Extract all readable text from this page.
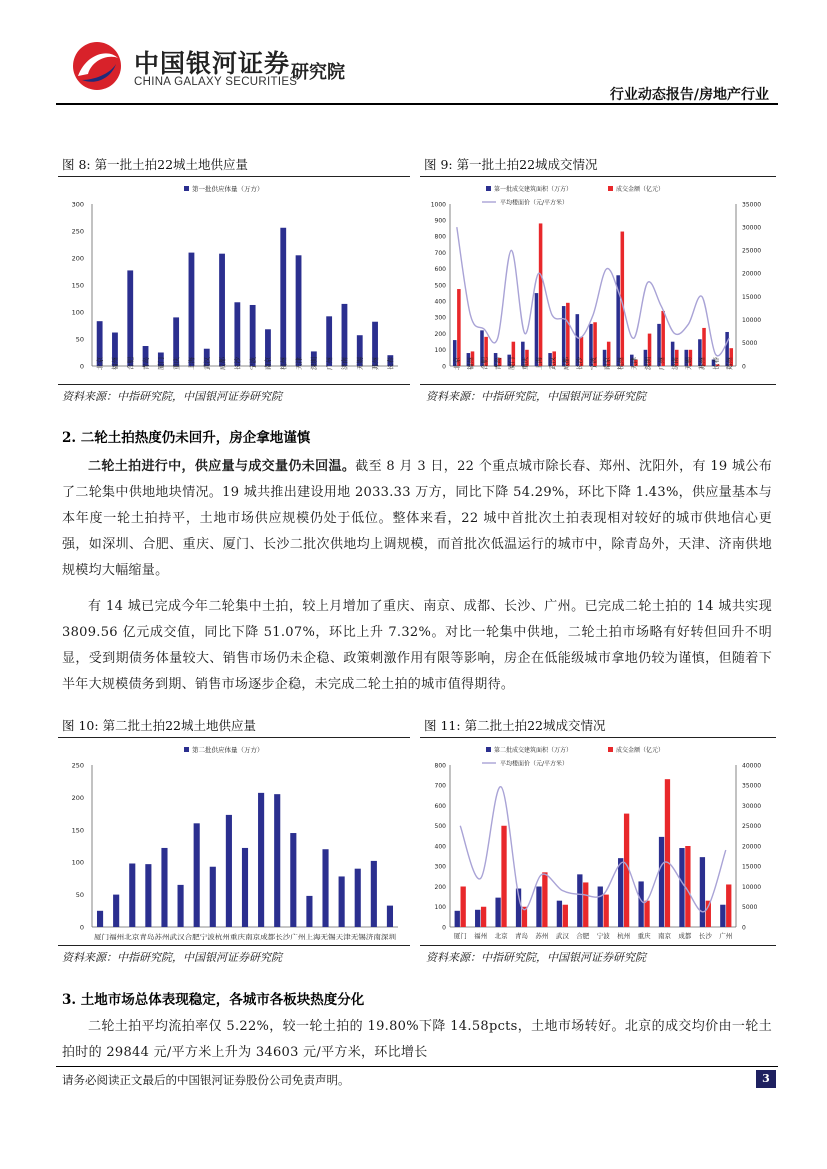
中国银河证券
CHINA GALAXY SECURITIES
研究院
行业动态报告/房地产行业
图 8: 第一批土拍22城土地供应量
第一批供应体量（万方）
0
50
100
150
200
250
300
北京 福州 合肥 青岛 厦门 重庆 上海 武汉 成都 长沙 宁波 南京 杭州 天津 深圳 广州 济南 无锡 苏州 长春
资料来源：中指研究院，中国银河证券研究院
图 9: 第一批土拍22城成交情况
第一批成交建筑面积（万方）	成交金额（亿元）
平均楼面价（元/平方米）
0
100
200
300
400
500
600
700
800
900
1000
0
5000
10000
15000
20000
25000
30000
35000
北京 福州 合肥 青岛 厦门 重庆 上海 武汉 成都 长沙 宁波 南京 杭州 天津 深圳 广州 济南 无锡 苏州 长春 郑州
资料来源：中指研究院，中国银河证券研究院
2. 二轮土拍热度仍未回升，房企拿地谨慎
二轮土拍进行中，供应量与成交量仍未回温。截至 8 月 3 日，22 个重点城市除长春、郑州、沈阳外，有 19 城公布了二轮集中供地地块情况。19 城共推出建设用地 2033.33 万方，同比下降 54.29%，环比下降 1.43%，供应量基本与本年度一轮土拍持平，土地市场供应规模仍处于低位。整体来看，22 城中首批次土拍表现相对较好的城市供地信心更强，如深圳、合肥、重庆、厦门、长沙二批次供地均上调规模，而首批次低温运行的城市中，除青岛外，天津、济南供地规模均大幅缩量。
有 14 城已完成今年二轮集中土拍，较上月增加了重庆、南京、成都、长沙、广州。已完成二轮土拍的 14 城共实现 3809.56 亿元成交值，同比下降 51.07%，环比上升 7.32%。对比一轮集中供地，二轮土拍市场略有好转但回升不明显，受到期债务体量较大、销售市场仍未企稳、政策刺激作用有限等影响，房企在低能级城市拿地仍较为谨慎，但随着下半年大规模债务到期、销售市场逐步企稳，未完成二轮土拍的城市值得期待。
图 10: 第二批土拍22城土地供应量
第二批供应体量（万方）
0
50
100
150
200
250
厦门福州北京青岛苏州武汉合肥宁波杭州重庆南京成都长沙广州上海无锡天津无锡济南深圳
资料来源：中指研究院，中国银河证券研究院
图 11: 第二批土拍22城成交情况
第二批成交建筑面积（万方）	成交金额（亿元）
平均楼面价（元/平方米）
0
100
200
300
400
500
600
700
800
0
5000
10000
15000
20000
25000
30000
35000
40000
厦门 福州 北京 青岛 苏州 武汉 合肥 宁波 杭州 重庆 南京 成都 长沙 广州
资料来源：中指研究院，中国银河证券研究院
3. 土地市场总体表现稳定，各城市各板块热度分化
二轮土拍平均流拍率仅 5.22%，较一轮土拍的 19.80%下降 14.58pcts，土地市场转好。北京的成交均价由一轮土拍时的 29844 元/平方米上升为 34603 元/平方米，环比增长
请务必阅读正文最后的中国银河证券股份公司免责声明。	3
